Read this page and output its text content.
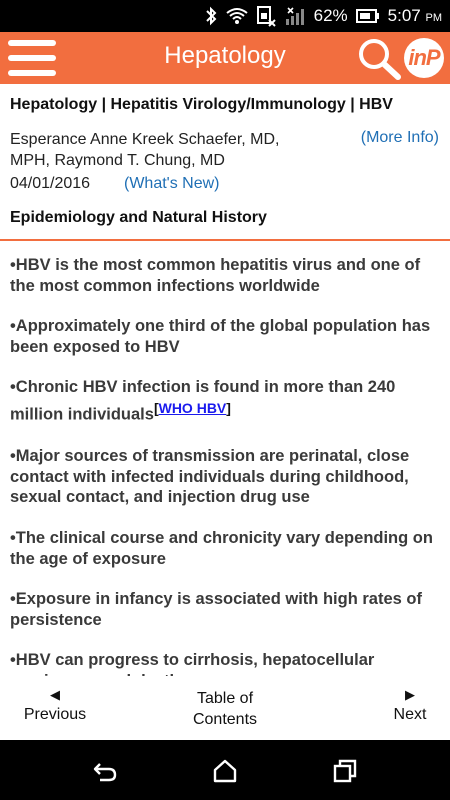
62% 5:07 PM
Hepatology	inP
Hepatology | Hepatitis Virology/Immunology | HBV
Esperance Anne Kreek Schaefer, MD, MPH, Raymond T. Chung, MD
(More Info)
04/01/2016 (What's New)
Epidemiology and Natural History
•HBV is the most common hepatitis virus and one of the most common infections worldwide
•Approximately one third of the global population has been exposed to HBV
•Chronic HBV infection is found in more than 240 million individuals[WHO HBV]
•Major sources of transmission are perinatal, close contact with infected individuals during childhood, sexual contact, and injection drug use
•The clinical course and chronicity vary depending on the age of exposure
•Exposure in infancy is associated with high rates of persistence
•HBV can progress to cirrhosis, hepatocellular
◀
Previous
Table of
Contents
▶
Next
